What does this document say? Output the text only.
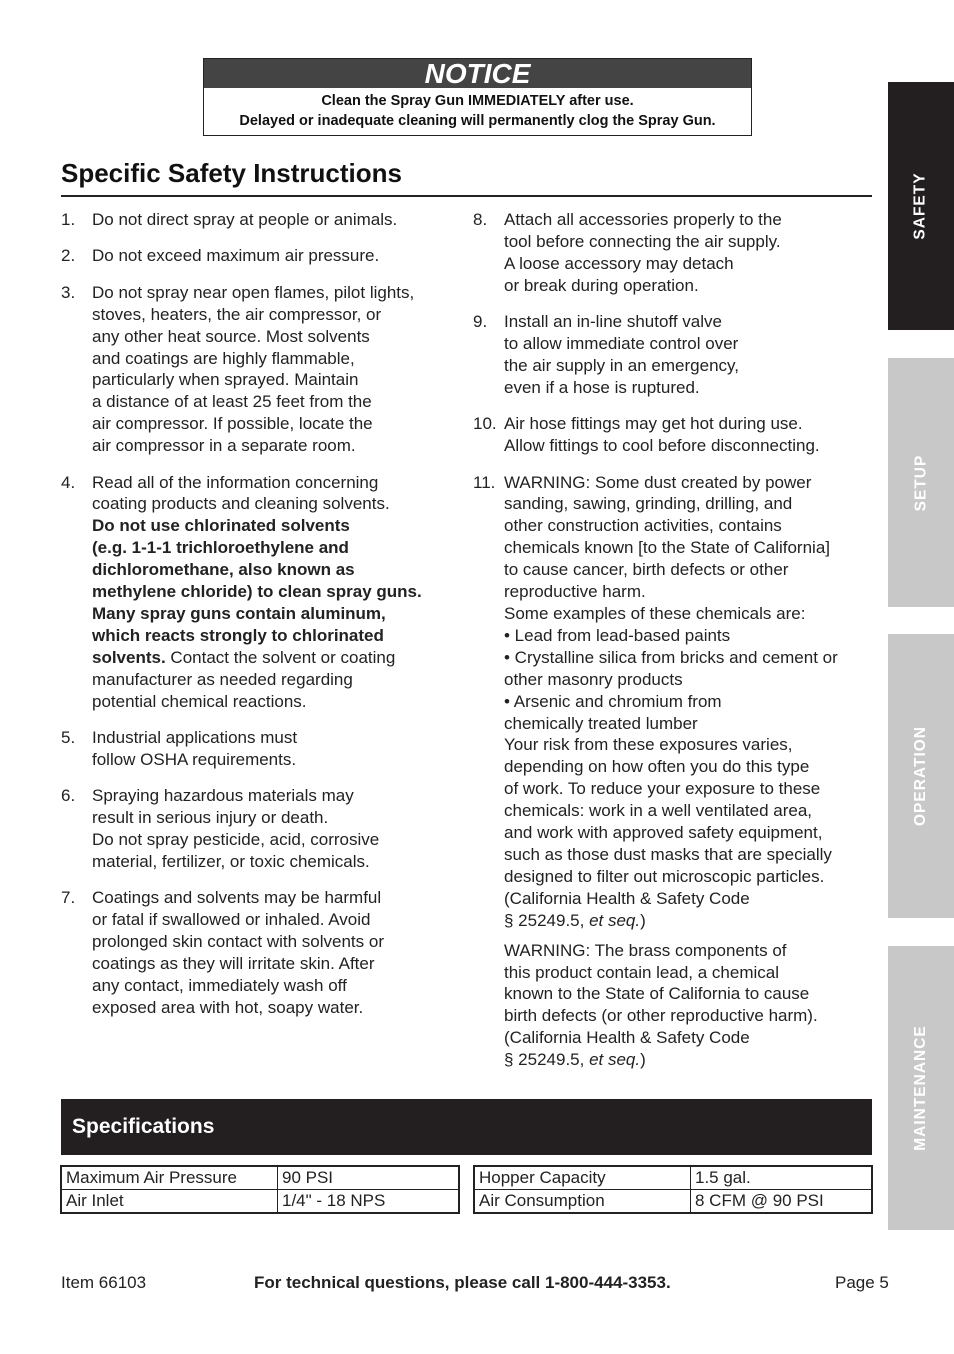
NOTICE
Clean the Spray Gun IMMEDIATELY after use.
Delayed or inadequate cleaning will permanently clog the Spray Gun.
Specific Safety Instructions
1. Do not direct spray at people or animals.

2. Do not exceed maximum air pressure.

3. Do not spray near open flames, pilot lights,
stoves, heaters, the air compressor, or
any other heat source. Most solvents
and coatings are highly flammable,
particularly when sprayed. Maintain
a distance of at least 25 feet from the
air compressor. If possible, locate the
air compressor in a separate room.

4. Read all of the information concerning
coating products and cleaning solvents.
Do not use chlorinated solvents
(e.g. 1-1-1 trichloroethylene and
dichloromethane, also known as
methylene chloride) to clean spray guns.
Many spray guns contain aluminum,
which reacts strongly to chlorinated
solvents. Contact the solvent or coating
manufacturer as needed regarding
potential chemical reactions.

5. Industrial applications must
follow OSHA requirements.

6. Spraying hazardous materials may
result in serious injury or death.
Do not spray pesticide, acid, corrosive
material, fertilizer, or toxic chemicals.

7. Coatings and solvents may be harmful
or fatal if swallowed or inhaled. Avoid
prolonged skin contact with solvents or
coatings as they will irritate skin. After
any contact, immediately wash off
exposed area with hot, soapy water.

8. Attach all accessories properly to the
tool before connecting the air supply.
A loose accessory may detach
or break during operation.

9. Install an in-line shutoff valve
to allow immediate control over
the air supply in an emergency,
even if a hose is ruptured.

10. Air hose fittings may get hot during use.
Allow fittings to cool before disconnecting.

11. WARNING: Some dust created by power
sanding, sawing, grinding, drilling, and
other construction activities, contains
chemicals known [to the State of California]
to cause cancer, birth defects or other
reproductive harm.
Some examples of these chemicals are:
• Lead from lead-based paints
• Crystalline silica from bricks and cement or
other masonry products
• Arsenic and chromium from
chemically treated lumber
Your risk from these exposures varies,
depending on how often you do this type
of work. To reduce your exposure to these
chemicals: work in a well ventilated area,
and work with approved safety equipment,
such as those dust masks that are specially
designed to filter out microscopic particles.
(California Health & Safety Code
§ 25249.5, et seq.)

WARNING: The brass components of
this product contain lead, a chemical
known to the State of California to cause
birth defects (or other reproductive harm).
(California Health & Safety Code
§ 25249.5, et seq.)

SAFETY
SETUP
OPERATION
MAINTENANCE
Specifications
Maximum Air Pressure	90 PSI
Air Inlet	1/4" - 18 NPS
Hopper Capacity	1.5 gal.
Air Consumption	8 CFM @ 90 PSI
Item 66103	For technical questions, please call 1-800-444-3353.	Page 5
